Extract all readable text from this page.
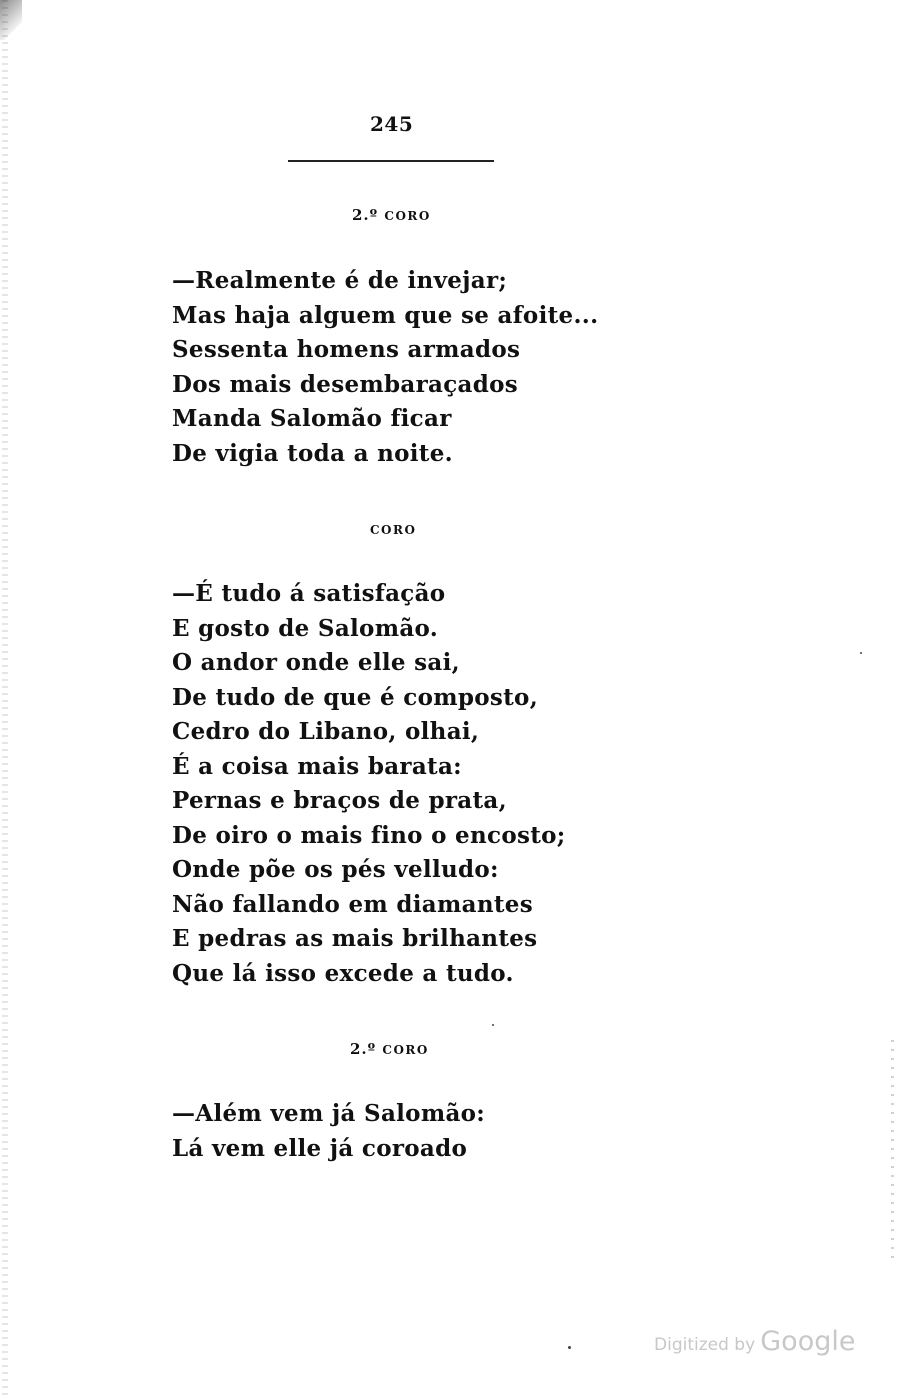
245
2.º CORO
—Realmente é de invejar;
Mas haja alguem que se afoite...
Sessenta homens armados
Dos mais desembaraçados
Manda Salomão ficar
De vigia toda a noite.
CORO
—É tudo á satisfação
E gosto de Salomão.
O andor onde elle sai,
De tudo de que é composto,
Cedro do Libano, olhai,
É a coisa mais barata:
Pernas e braços de prata,
De oiro o mais fino o encosto;
Onde põe os pés velludo:
Não fallando em diamantes
E pedras as mais brilhantes
Que lá isso excede a tudo.
2.º CORO
—Além vem já Salomão:
Lá vem elle já coroado
Digitized by Google
